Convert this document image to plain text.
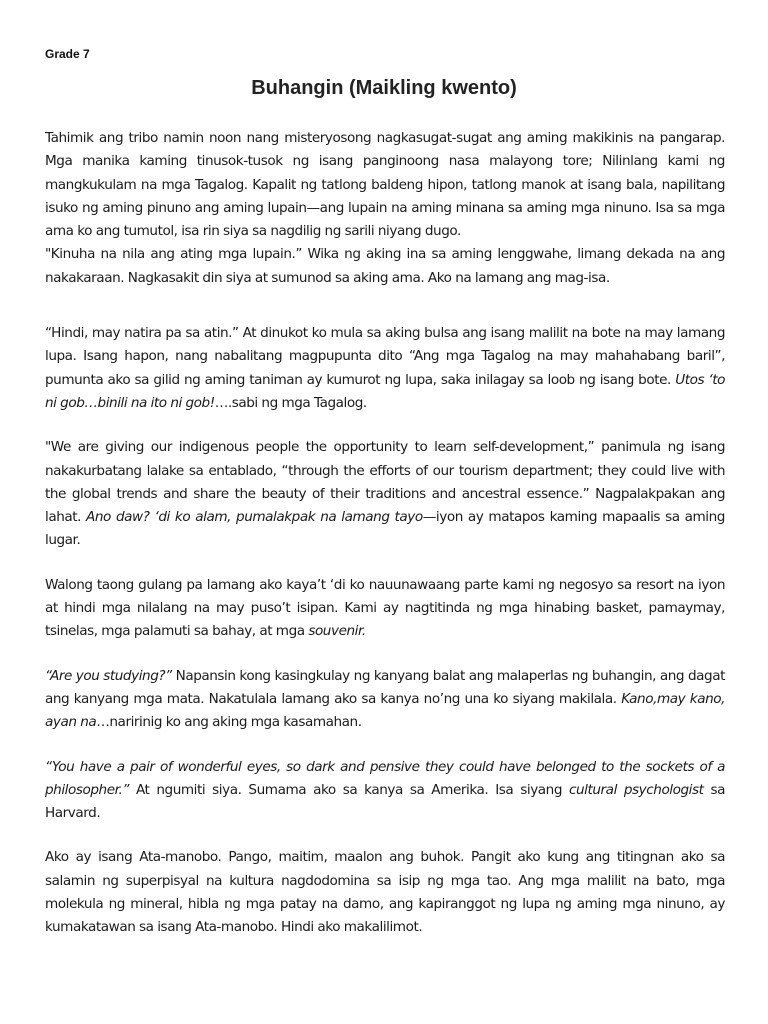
Grade 7
Buhangin (Maikling kwento)

Tahimik ang tribo namin noon nang misteryosong nagkasugat-sugat ang aming makikinis na pangarap. Mga manika kaming tinusok-tusok ng isang panginoong nasa malayong tore; Nilinlang kami ng mangkukulam na mga Tagalog. Kapalit ng tatlong baldeng hipon, tatlong manok at isang bala, napilitang isuko ng aming pinuno ang aming lupain—ang lupain na aming minana sa aming mga ninuno. Isa sa mga ama ko ang tumutol, isa rin siya sa nagdilig ng sarili niyang dugo.
"Kinuha na nila ang ating mga lupain.” Wika ng aking ina sa aming lenggwahe, limang dekada na ang nakakaraan. Nagkasakit din siya at sumunod sa aking ama. Ako na lamang ang mag-isa.

“Hindi, may natira pa sa atin.” At dinukot ko mula sa aking bulsa ang isang malilit na bote na may lamang lupa. Isang hapon, nang nabalitang magpupunta dito “Ang mga Tagalog na may mahahabang baril”, pumunta ako sa gilid ng aming taniman ay kumurot ng lupa, saka inilagay sa loob ng isang bote. Utos ‘to ni gob…binili na ito ni gob!….sabi ng mga Tagalog.

"We are giving our indigenous people the opportunity to learn self-development,” panimula ng isang nakakurbatang lalake sa entablado, “through the efforts of our tourism department; they could live with the global trends and share the beauty of their traditions and ancestral essence.” Nagpalakpakan ang lahat. Ano daw? ‘di ko alam, pumalakpak na lamang tayo—iyon ay matapos kaming mapaalis sa aming lugar.

Walong taong gulang pa lamang ako kaya’t ‘di ko nauunawaang parte kami ng negosyo sa resort na iyon at hindi mga nilalang na may puso’t isipan. Kami ay nagtitinda ng mga hinabing basket, pamaymay, tsinelas, mga palamuti sa bahay, at mga souvenir.

“Are you studying?” Napansin kong kasingkulay ng kanyang balat ang malaperlas ng buhangin, ang dagat ang kanyang mga mata. Nakatulala lamang ako sa kanya no’ng una ko siyang makilala. Kano,may kano, ayan na…naririnig ko ang aking mga kasamahan.

“You have a pair of wonderful eyes, so dark and pensive they could have belonged to the sockets of a philosopher.” At ngumiti siya. Sumama ako sa kanya sa Amerika. Isa siyang cultural psychologist sa Harvard.

Ako ay isang Ata-manobo. Pango, maitim, maalon ang buhok. Pangit ako kung ang titingnan ako sa salamin ng superpisyal na kultura nagdodomina sa isip ng mga tao. Ang mga malilit na bato, mga molekula ng mineral, hibla ng mga patay na damo, ang kapiranggot ng lupa ng aming mga ninuno, ay kumakatawan sa isang Ata-manobo. Hindi ako makalilimot.
